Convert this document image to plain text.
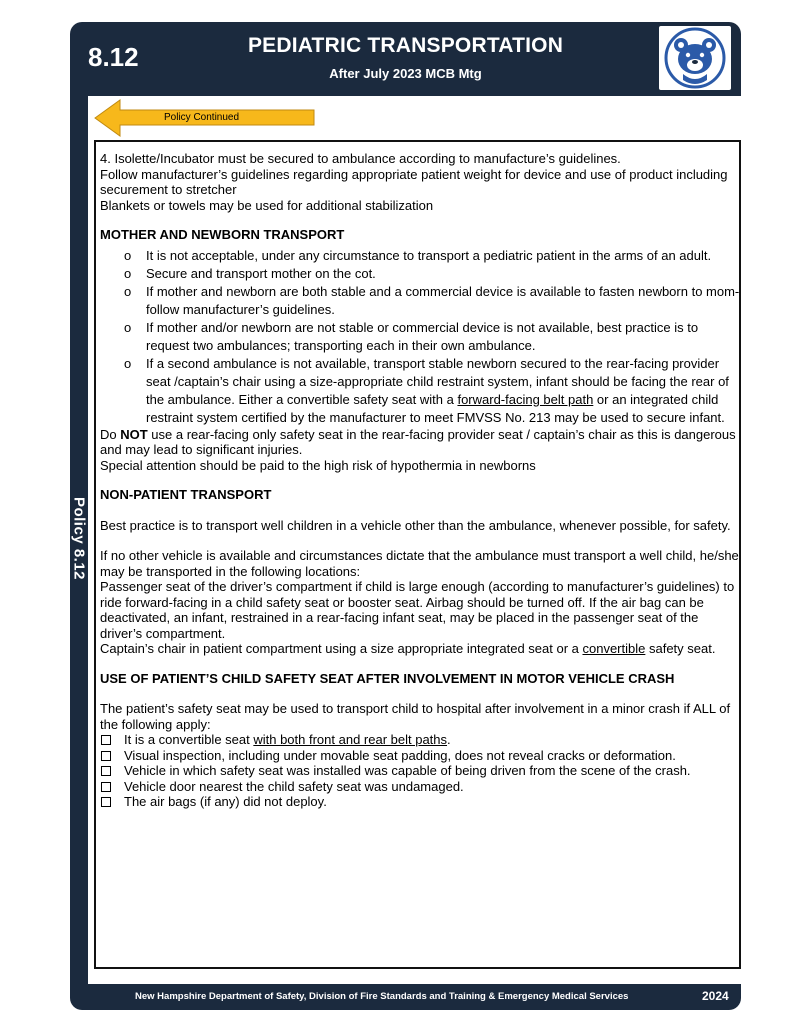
8.12	PEDIATRIC TRANSPORTATION
After July 2023 MCB Mtg
Policy 8.12
Policy Continued

4. Isolette/Incubator must be secured to ambulance according to manufacture’s guidelines.

Follow manufacturer’s guidelines regarding appropriate patient weight for device and use of product including securement to stretcher

Blankets or towels may be used for additional stabilization

MOTHER AND NEWBORN TRANSPORT

o It is not acceptable, under any circumstance to transport a pediatric patient in the arms of an adult.
o Secure and transport mother on the cot.
o If mother and newborn are both stable and a commercial device is available to fasten newborn to mom- follow manufacturer’s guidelines.
o If mother and/or newborn are not stable or commercial device is not available, best practice is to request two ambulances; transporting each in their own ambulance.
o If a second ambulance is not available, transport stable newborn secured to the rear-facing provider seat /captain’s chair using a size-appropriate child restraint system, infant should be facing the rear of the ambulance. Either a convertible safety seat with a forward-facing belt path or an integrated child restraint system certified by the manufacturer to meet FMVSS No. 213 may be used to secure infant.

Do NOT use a rear-facing only safety seat in the rear-facing provider seat / captain’s chair as this is dangerous and may lead to significant injuries.

Special attention should be paid to the high risk of hypothermia in newborns

NON-PATIENT TRANSPORT

Best practice is to transport well children in a vehicle other than the ambulance, whenever possible, for safety.

If no other vehicle is available and circumstances dictate that the ambulance must transport a well child, he/she may be transported in the following locations:

Passenger seat of the driver’s compartment if child is large enough (according to manufacturer’s guidelines) to ride forward-facing in a child safety seat or booster seat. Airbag should be turned off. If the air bag can be deactivated, an infant, restrained in a rear-facing infant seat, may be placed in the passenger seat of the driver’s compartment.

Captain’s chair in patient compartment using a size appropriate integrated seat or a convertible safety seat.

USE OF PATIENT’S CHILD SAFETY SEAT AFTER INVOLVEMENT IN MOTOR VEHICLE CRASH

The patient’s safety seat may be used to transport child to hospital after involvement in a minor crash if ALL of the following apply:

It is a convertible seat with both front and rear belt paths.
Visual inspection, including under movable seat padding, does not reveal cracks or deformation.
Vehicle in which safety seat was installed was capable of being driven from the scene of the crash.
Vehicle door nearest the child safety seat was undamaged.
The air bags (if any) did not deploy.
New Hampshire Department of Safety, Division of Fire Standards and Training & Emergency Medical Services	2024
